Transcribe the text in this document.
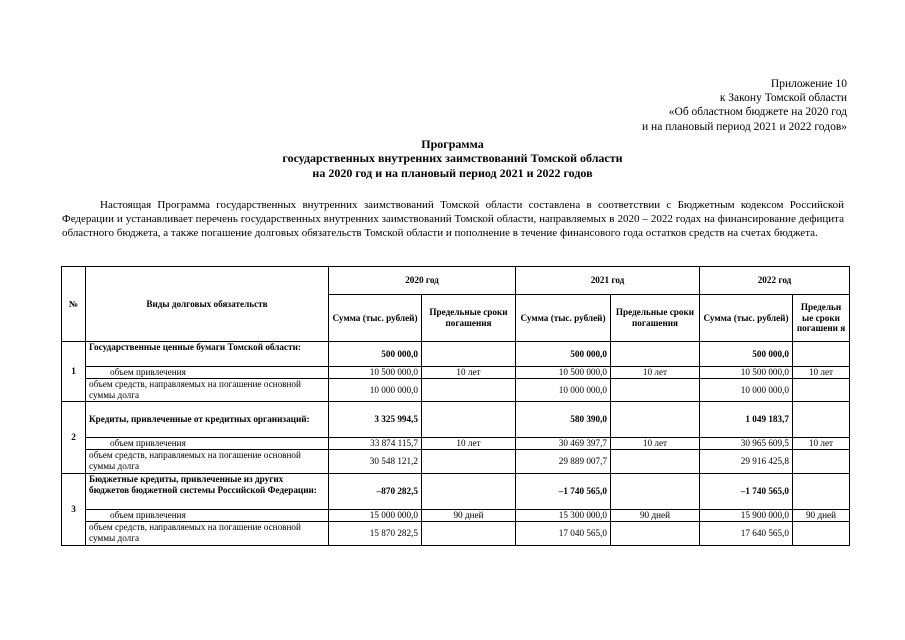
Приложение 10
к Закону Томской области
«Об областном бюджете на 2020 год
и на плановый период 2021 и 2022 годов»
Программа
государственных внутренних заимствований Томской области
на 2020 год и на плановый период 2021 и 2022 годов

Настоящая Программа государственных внутренних заимствований Томской области составлена в соответствии с Бюджетным кодексом Российской Федерации и устанавливает перечень государственных внутренних заимствований Томской области, направляемых в 2020 – 2022 годах на финансирование дефицита областного бюджета, а также погашение долговых обязательств Томской области и пополнение в течение финансового года остатков средств на счетах бюджета.

№	Виды долговых обязательств	2020 год		2021 год		2022 год	
		Сумма (тыс. рублей)	Предельные сроки погашения	Сумма (тыс. рублей)	Предельные сроки погашения	Сумма (тыс. рублей)	Предельн ые сроки погашени я
1	Государственные ценные бумаги Томской области:	500 000,0		500 000,0		500 000,0	
	объем привлечения	10 500 000,0	10 лет	10 500 000,0	10 лет	10 500 000,0	10 лет
	объем средств, направляемых на погашение основной суммы долга	10 000 000,0		10 000 000,0		10 000 000,0	
2	Кредиты, привлеченные от кредитных организаций:	3 325 994,5		580 390,0		1 049 183,7	
	объем привлечения	33 874 115,7	10 лет	30 469 397,7	10 лет	30 965 609,5	10 лет
	объем средств, направляемых на погашение основной суммы долга	30 548 121,2		29 889 007,7		29 916 425,8	
3	Бюджетные кредиты, привлеченные из других бюджетов бюджетной системы Российской Федерации:	–870 282,5		–1 740 565,0		–1 740 565,0	
	объем привлечения	15 000 000,0	90 дней	15 300 000,0	90 дней	15 900 000,0	90 дней
	объем средств, направляемых на погашение основной суммы долга	15 870 282,5		17 040 565,0		17 640 565,0	
